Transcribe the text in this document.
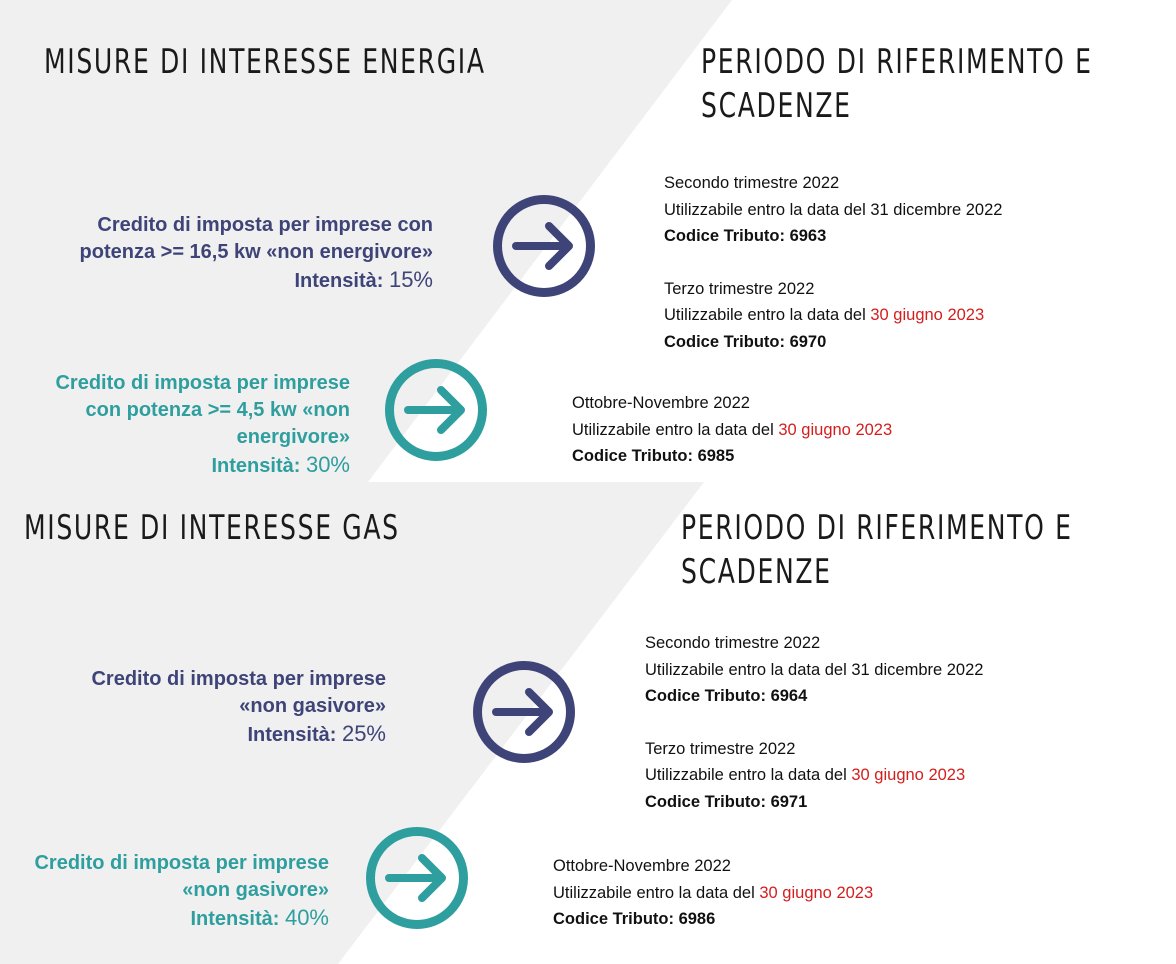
MISURE DI INTERESSE ENERGIA	PERIODO DI RIFERIMENTO E
SCADENZE
Credito di imposta per imprese con
potenza >= 16,5 kw «non energivore»
Intensità: 15%
Secondo trimestre 2022
Utilizzabile entro la data del 31 dicembre 2022
Codice Tributo: 6963
Terzo trimestre 2022
Utilizzabile entro la data del 30 giugno 2023
Codice Tributo: 6970
Credito di imposta per imprese
con potenza >= 4,5 kw «non
energivore»
Intensità: 30%
Ottobre-Novembre 2022
Utilizzabile entro la data del 30 giugno 2023
Codice Tributo: 6985
MISURE DI INTERESSE GAS	PERIODO DI RIFERIMENTO E
SCADENZE
Credito di imposta per imprese
«non gasivore»
Intensità: 25%
Secondo trimestre 2022
Utilizzabile entro la data del 31 dicembre 2022
Codice Tributo: 6964
Terzo trimestre 2022
Utilizzabile entro la data del 30 giugno 2023
Codice Tributo: 6971
Credito di imposta per imprese
«non gasivore»
Intensità: 40%
Ottobre-Novembre 2022
Utilizzabile entro la data del 30 giugno 2023
Codice Tributo: 6986
